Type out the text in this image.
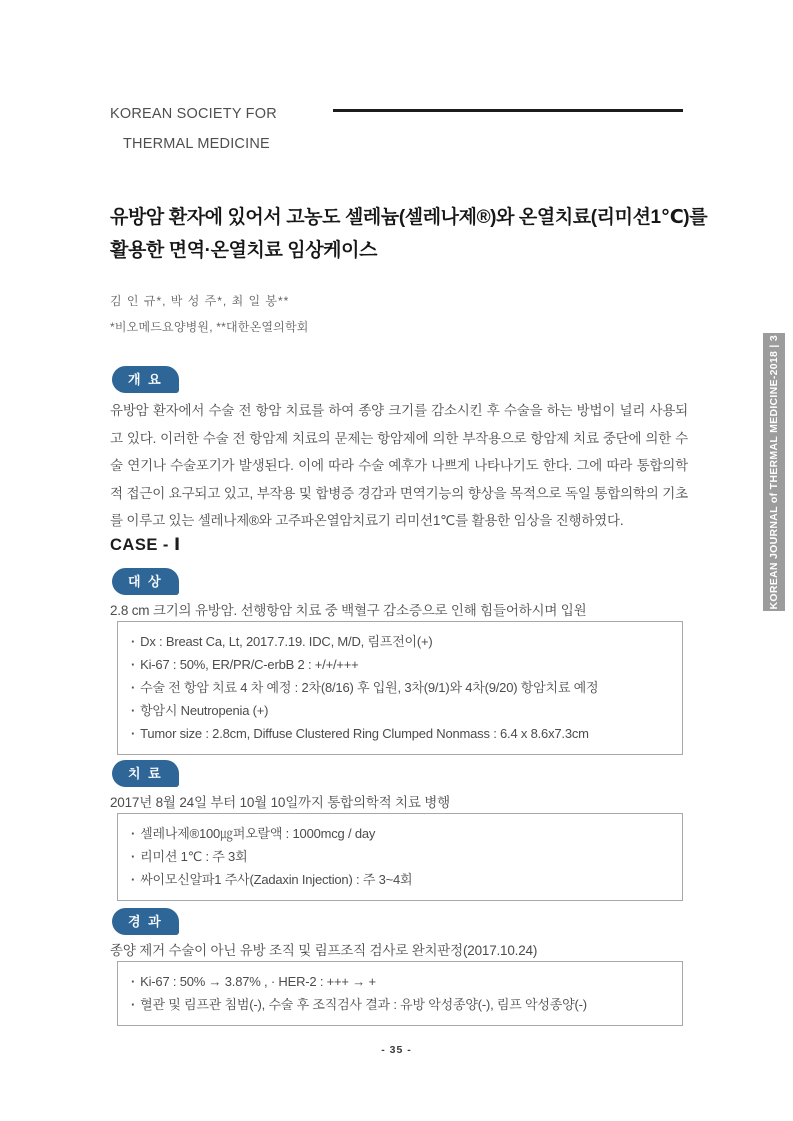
KOREAN SOCIETY FOR
THERMAL MEDICINE
유방암 환자에 있어서 고농도 셀레늄(셀레나제®)와 온열치료(리미션1℃)를
활용한 면역·온열치료 임상케이스
김 인 규*, 박 성 주*, 최 일 봉**
*비오메드요양병원, **대한온열의학회
개 요
유방암 환자에서 수술 전 항암 치료를 하여 종양 크기를 감소시킨 후 수술을 하는 방법이 널리 사용되고 있다. 이러한 수술 전 항암제 치료의 문제는 항암제에 의한 부작용으로 항암제 치료 중단에 의한 수술 연기나 수술포기가 발생된다. 이에 따라 수술 예후가 나쁘게 나타나기도 한다. 그에 따라 통합의학적 접근이 요구되고 있고, 부작용 및 합병증 경감과 면역기능의 향상을 목적으로 독일 통합의학의 기초를 이루고 있는 셀레나제®와 고주파온열암치료기 리미션1℃를 활용한 임상을 진행하였다.
CASE - Ⅰ
대 상
2.8 cm 크기의 유방암. 선행항암 치료 중 백혈구 감소증으로 인해 힘들어하시며 입원
· Dx : Breast Ca, Lt, 2017.7.19. IDC, M/D, 림프전이(+)
· Ki-67 : 50%, ER/PR/C-erbB 2 : +/+/+++
· 수술 전 항암 치료 4 차 예정 : 2차(8/16) 후 입원, 3차(9/1)와 4차(9/20) 항암치료 예정
· 항암시 Neutropenia (+)
· Tumor size : 2.8cm, Diffuse Clustered Ring Clumped Nonmass : 6.4 x 8.6x7.3cm
치 료
2017년 8월 24일 부터 10월 10일까지 통합의학적 치료 병행
· 셀레나제®100㎍퍼오랄액 : 1000mcg / day
· 리미션 1℃ : 주 3회
· 싸이모신알파1 주사(Zadaxin Injection) : 주 3~4회
경 과
종양 제거 수술이 아닌 유방 조직 및 림프조직 검사로 완치판정(2017.10.24)
· Ki-67 : 50% → 3.87% , · HER-2 : +++ → +
· 혈관 및 림프관 침범(-), 수술 후 조직검사 결과 : 유방 악성종양(-), 림프 악성종양(-)
- 35 -
KOREAN JOURNAL of THERMAL MEDICINE-2018 | 3
